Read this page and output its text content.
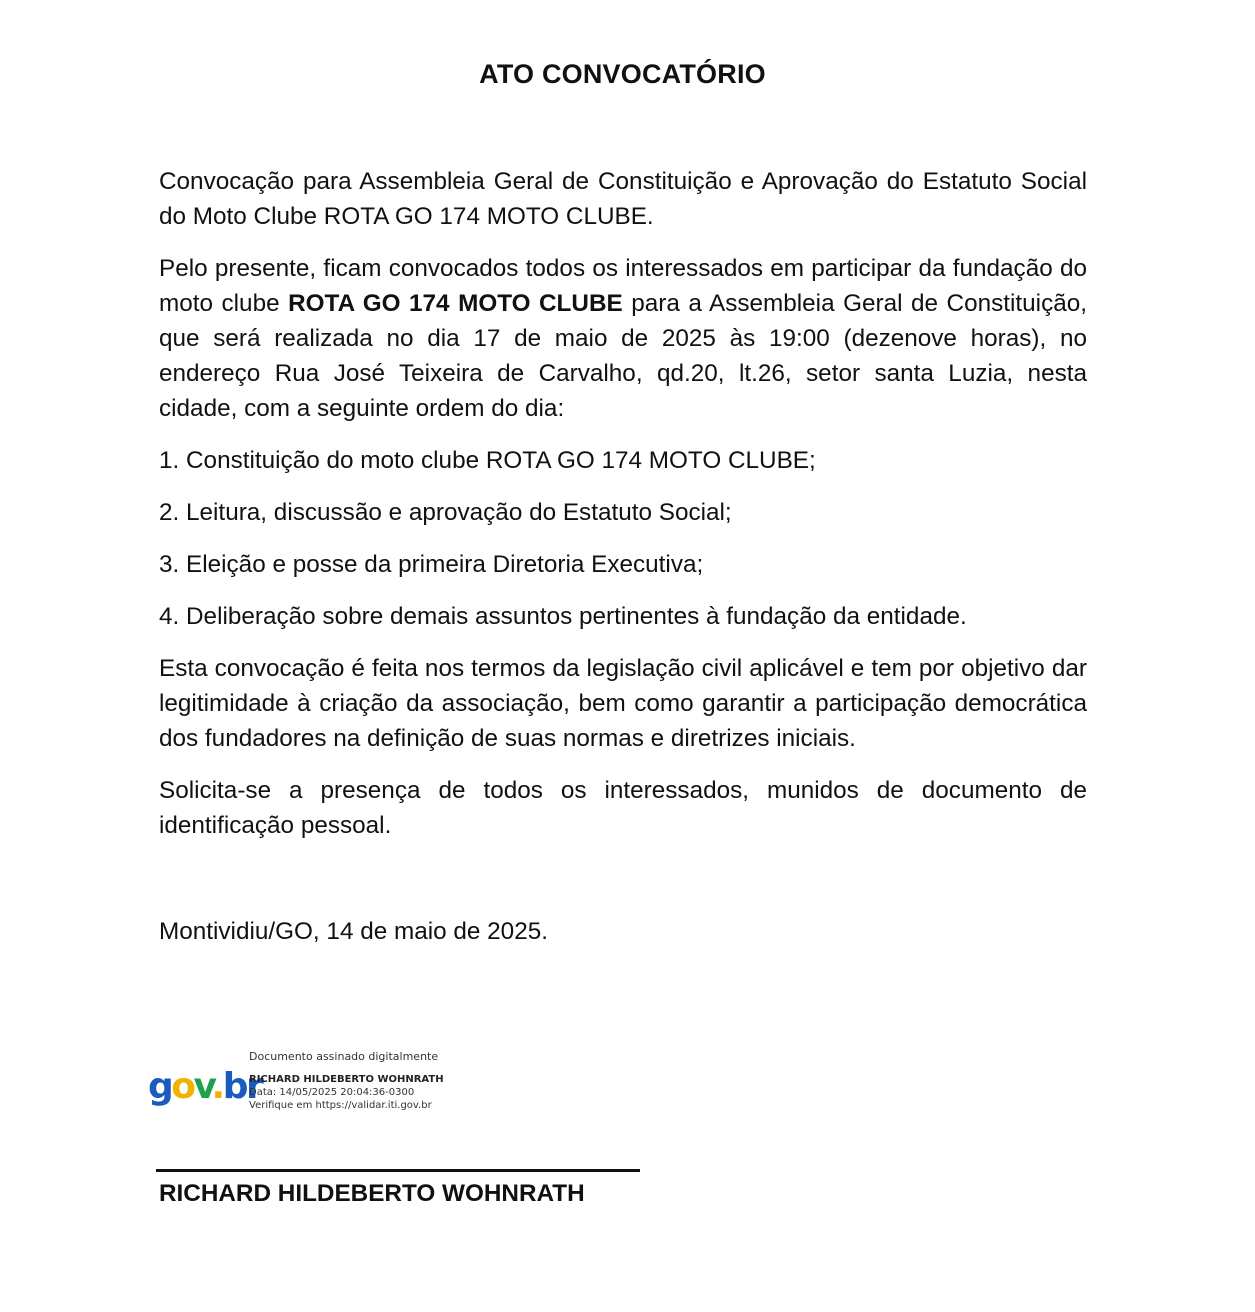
ATO CONVOCATÓRIO

Convocação para Assembleia Geral de Constituição e Aprovação do Estatuto Social do Moto Clube ROTA GO 174 MOTO CLUBE.

Pelo presente, ficam convocados todos os interessados em participar da fundação do moto clube ROTA GO 174 MOTO CLUBE para a Assembleia Geral de Constituição, que será realizada no dia 17 de maio de 2025 às 19:00 (dezenove horas), no endereço Rua José Teixeira de Carvalho, qd.20, lt.26, setor santa Luzia, nesta cidade, com a seguinte ordem do dia:

1. Constituição do moto clube ROTA GO 174 MOTO CLUBE;

2. Leitura, discussão e aprovação do Estatuto Social;

3. Eleição e posse da primeira Diretoria Executiva;

4. Deliberação sobre demais assuntos pertinentes à fundação da entidade.

Esta convocação é feita nos termos da legislação civil aplicável e tem por objetivo dar legitimidade à criação da associação, bem como garantir a participação democrática dos fundadores na definição de suas normas e diretrizes iniciais.

Solicita-se a presença de todos os interessados, munidos de documento de identificação pessoal.

Montividiu/GO, 14 de maio de 2025.
gov.br
Documento assinado digitalmente
RICHARD HILDEBERTO WOHNRATH
Data: 14/05/2025 20:04:36-0300
Verifique em https://validar.iti.gov.br
RICHARD HILDEBERTO WOHNRATH
